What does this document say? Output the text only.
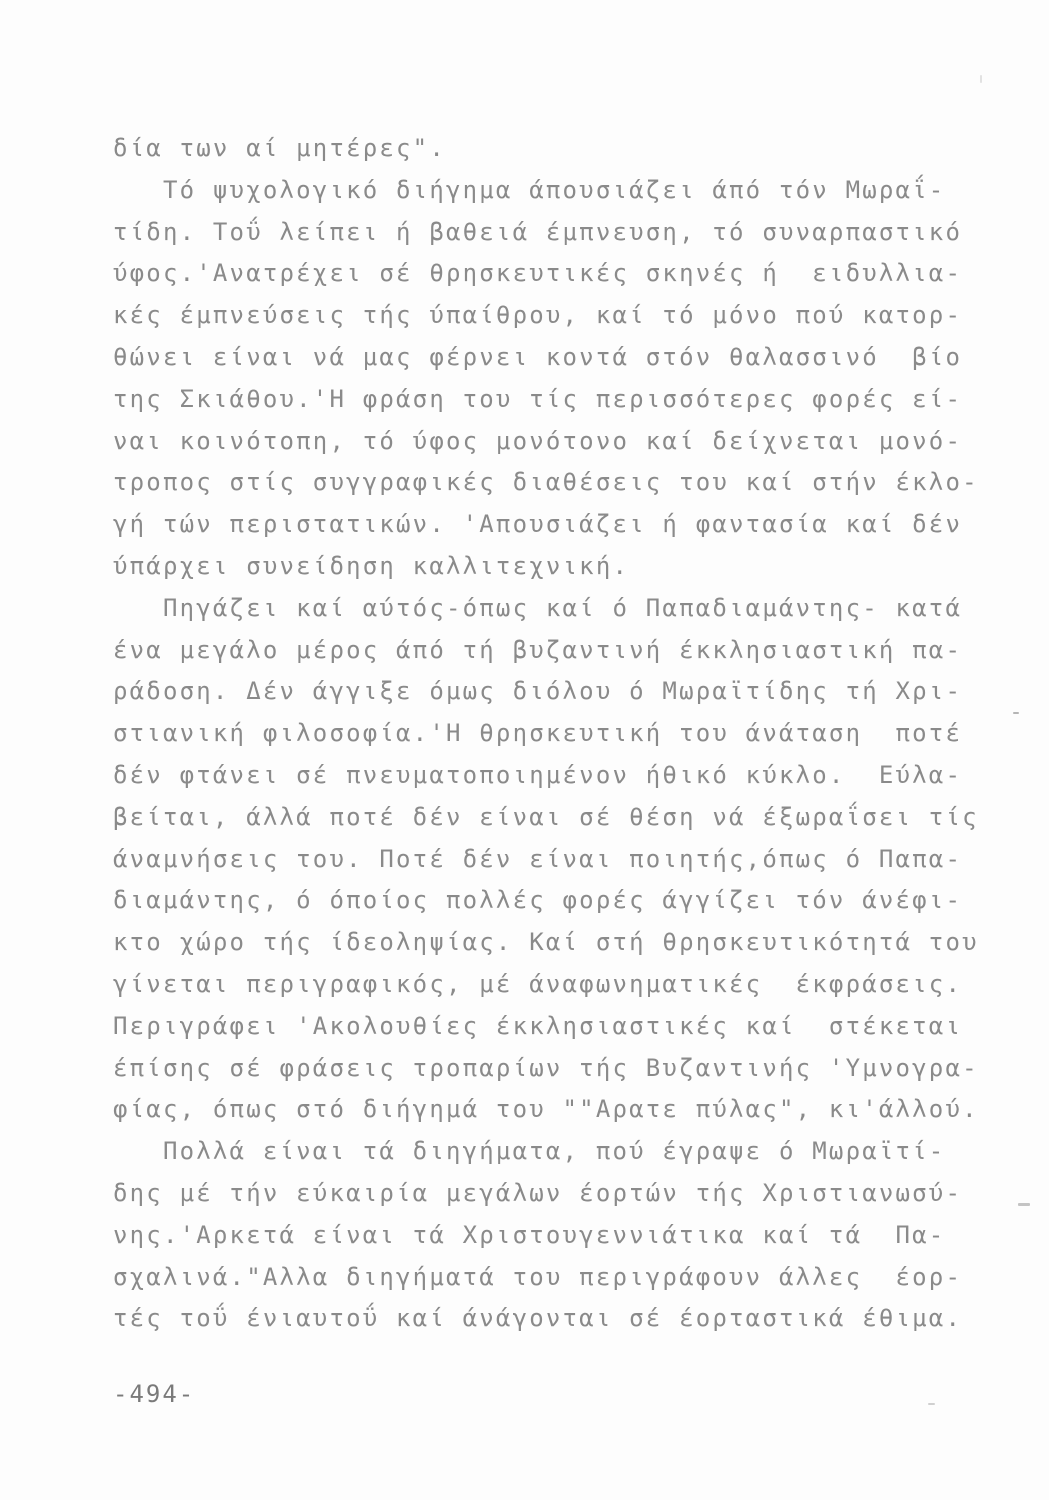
δία των αί μητέρες".
Τό ψυχολογικό διήγημα άπουσιάζει άπό τόν Μωραΐ-
τίδη. Τοΰ λείπει ή βαθειά έμπνευση, τό συναρπαστικό
ύφος.'Ανατρέχει σέ θρησκευτικές σκηνές ή  ειδυλλια-
κές έμπνεύσεις τής ύπαίθρου, καί τό μόνο πού κατορ-
θώνει είναι νά μας φέρνει κοντά στόν θαλασσινό  βίο
της Σκιάθου.'Η φράση του τίς περισσότερες φορές εί-
ναι κοινότοπη, τό ύφος μονότονο καί δείχνεται μονό-
τροπος στίς συγγραφικές διαθέσεις του καί στήν έκλο-
γή τών περιστατικών. 'Απουσιάζει ή φαντασία καί δέν
ύπάρχει συνείδηση καλλιτεχνική.
Πηγάζει καί αύτός-όπως καί ό Παπαδιαμάντης- κατά
ένα μεγάλο μέρος άπό τή βυζαντινή έκκλησιαστική πα-
ράδοση. Δέν άγγιξε όμως διόλου ό Μωραϊτίδης τή Χρι-
στιανική φιλοσοφία.'Η θρησκευτική του άνάταση  ποτέ
δέν φτάνει σέ πνευματοποιημένον ήθικό κύκλο.  Εύλα-
βείται, άλλά ποτέ δέν είναι σέ θέση νά έξωραΐσει τίς
άναμνήσεις του. Ποτέ δέν είναι ποιητής,όπως ό Παπα-
διαμάντης, ό όποίος πολλές φορές άγγίζει τόν άνέφι-
κτο χώρο τής ίδεοληψίας. Καί στή θρησκευτικότητά του
γίνεται περιγραφικός, μέ άναφωνηματικές  έκφράσεις.
Περιγράφει 'Ακολουθίες έκκλησιαστικές καί  στέκεται
έπίσης σέ φράσεις τροπαρίων τής Βυζαντινής 'Υμνογρα-
φίας, όπως στό διήγημά του ""Αρατε πύλας", κι'άλλού.
Πολλά είναι τά διηγήματα, πού έγραψε ό Μωραϊτί-
δης μέ τήν εύκαιρία μεγάλων έορτών τής Χριστιανωσύ-
νης.'Αρκετά είναι τά Χριστουγεννιάτικα καί τά  Πα-
σχαλινά."Αλλα διηγήματά του περιγράφουν άλλες  έορ-
τές τοΰ ένιαυτοΰ καί άνάγονται σέ έορταστικά έθιμα.
-494-
